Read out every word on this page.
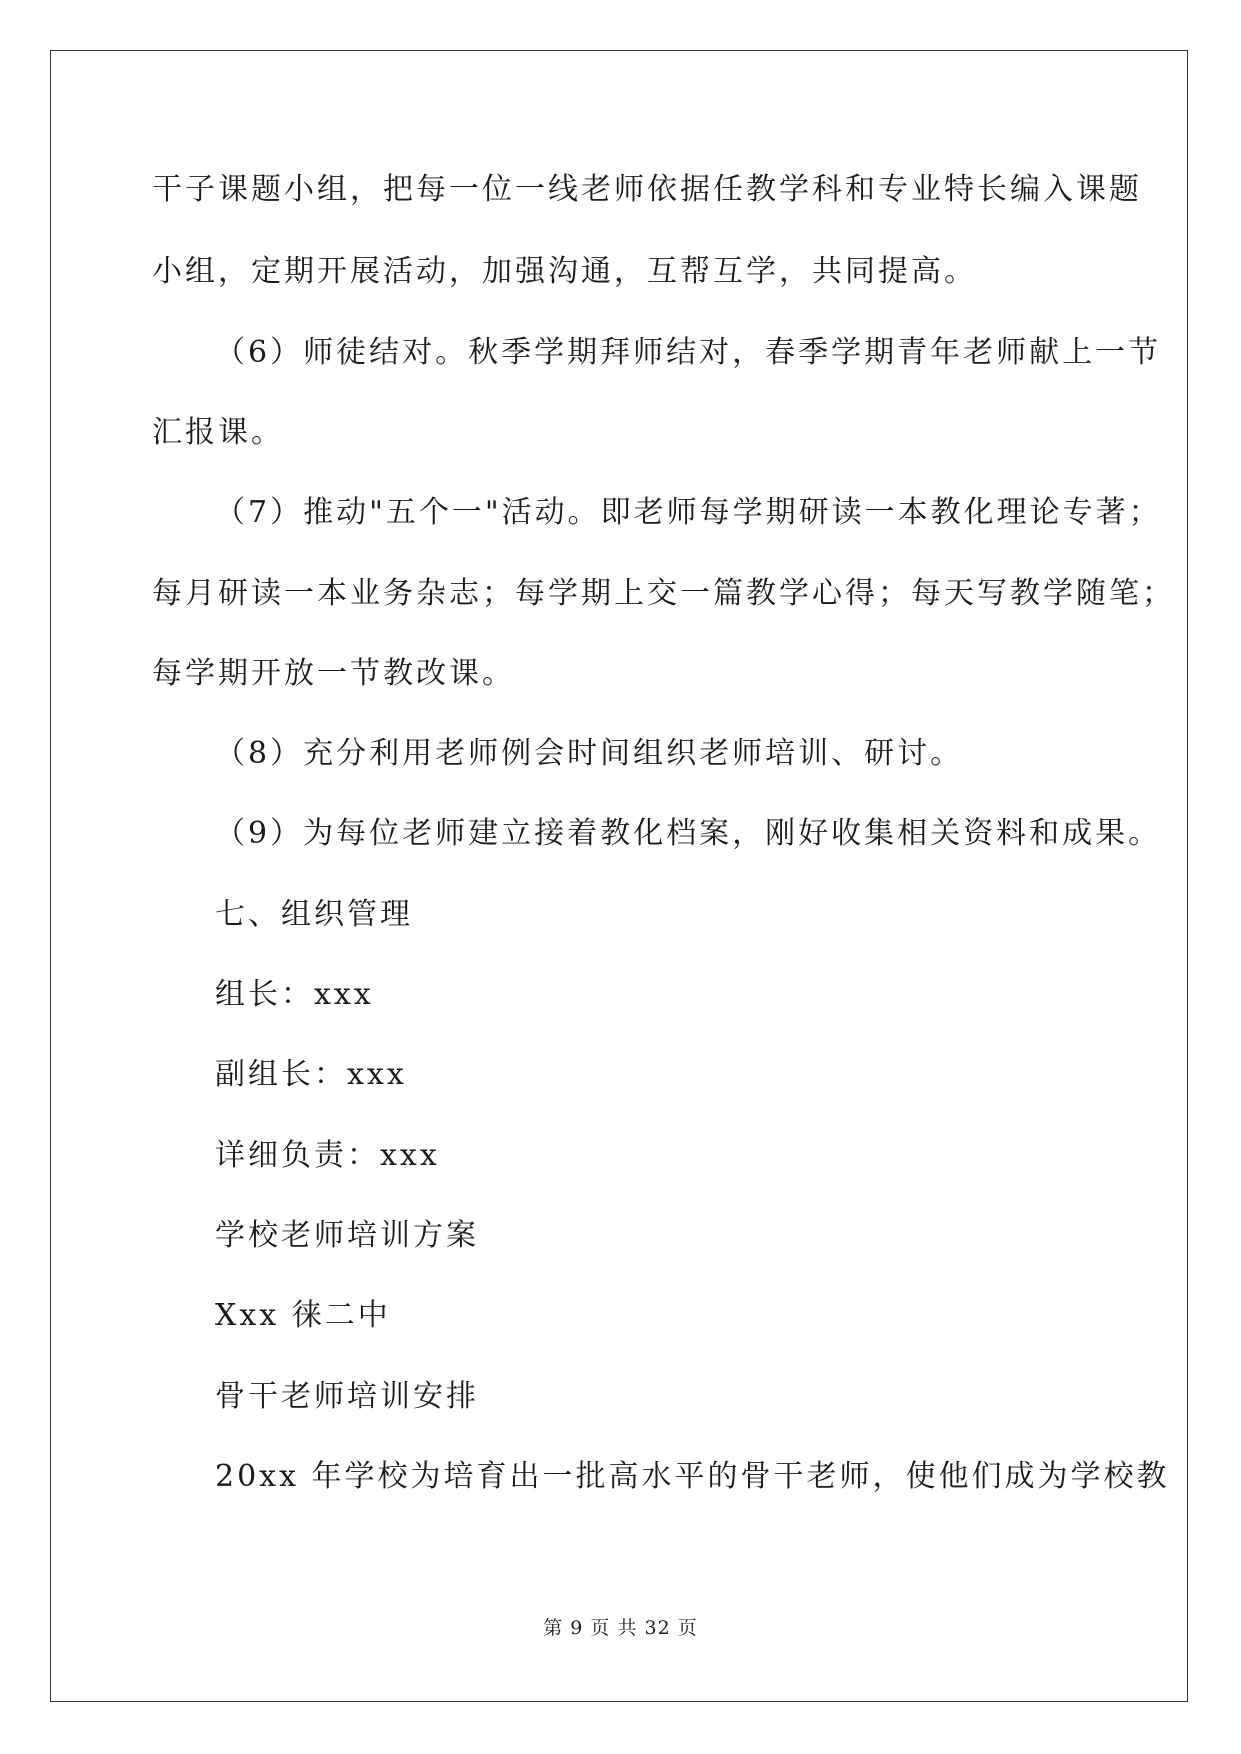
干子课题小组，把每一位一线老师依据任教学科和专业特长编入课题
小组，定期开展活动，加强沟通，互帮互学，共同提高。
（6）师徒结对。秋季学期拜师结对，春季学期青年老师献上一节
汇报课。
（7）推动"五个一"活动。即老师每学期研读一本教化理论专著；
每月研读一本业务杂志；每学期上交一篇教学心得；每天写教学随笔；
每学期开放一节教改课。
（8）充分利用老师例会时间组织老师培训、研讨。
（9）为每位老师建立接着教化档案，刚好收集相关资料和成果。
七、组织管理
组长：xxx
副组长：xxx
详细负责：xxx
学校老师培训方案
Xxx 徕二中
骨干老师培训安排
20xx 年学校为培育出一批高水平的骨干老师，使他们成为学校教
第 9 页 共 32 页
